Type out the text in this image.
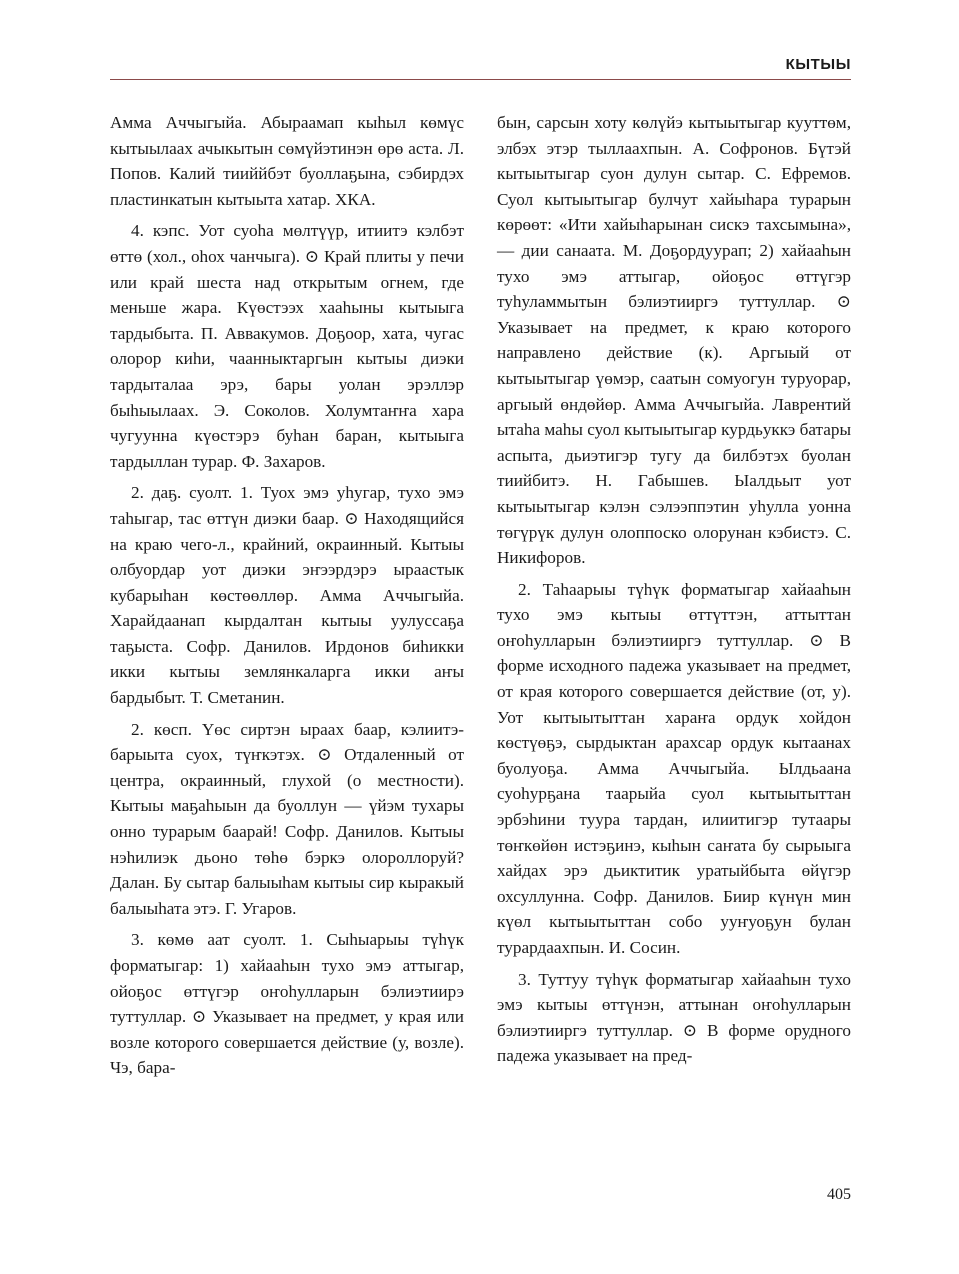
КЫТЫЫ

Амма Аччыгыйа. Абыраамап кыһыл көмүс кытыылаах ачыкытын сөмүйэтинэн өрө аста. Л. Попов. Калий тииййбэт буоллаҕына, сэбирдэх пластинкатын кытыыта хатар. ХКА.

4. кэпс. Уот суоһа мөлтүүр, итиитэ кэлбэт өттө (хол., оһох чанчыга). ⊙ Край плиты у печи или край шеста над открытым огнем, где меньше жара. Күөстээх хааһыны кытыыга тардыбыта. П. Аввакумов. Доҕоор, хата, чугас олорор киһи, чаанныктаргын кытыы диэки тардыталаа эрэ, бары уолан эрэллэр быһыылаах. Э. Соколов. Холумтаҥҥа хара чугуунна күөстэрэ буһан баран, кытыыга тардыллан турар. Ф. Захаров.

2. даҕ. суолт. 1. Туох эмэ уһугар, тухо эмэ таһыгар, тас өттүн диэки баар. ⊙ Находящийся на краю чего-л., крайний, окраинный. Кытыы олбуордар уот диэки эҥээрдэрэ ыраастык кубарыһан көстөөллөр. Амма Аччыгыйа. Харайдаанап кырдалтан кытыы уулуссаҕа таҕыста. Софр. Данилов. Ирдонов биһикки икки кытыы землянкаларга икки аҥы бардыбыт. Т. Сметанин.

2. көсп. Үөс сиртэн ыраах баар, кэлиитэ-барыыта суох, түҥкэтэх. ⊙ Отдаленный от центра, окраинный, глухой (о местности). Кытыы маҕаһыын да буоллун — үйэм тухары онно турарым баарай! Софр. Данилов. Кытыы нэһилиэк дьоно төһө бэркэ олороллоруй? Далан. Бу сытар балыыһам кытыы сир кыракый балыыһата этэ. Г. Угаров.

3. көмө аат суолт. 1. Сыһыарыы түһүк форматыгар: 1) хайааһын тухо эмэ аттыгар, ойоҕос өттүгэр оҥоһулларын бэлиэтиирэ туттуллар. ⊙ Указывает на предмет, у края или возле которого совершается действие (у, возле). Чэ, бара-

бын, сарсын хоту көлүйэ кытыытыгар кууттөм, элбэх этэр тыллаахпын. А. Софронов. Бүтэй кытыытыгар суон дулун сытар. С. Ефремов. Суол кытыытыгар булчут хайыһара турарын көрөөт: «Ити хайыһарынан сискэ тахсымына», — дии санаата. М. Доҕордуурап; 2) хайааһын тухо эмэ аттыгар, ойоҕос өттүгэр туһуламмытын бэлиэтииргэ туттуллар. ⊙ Указывает на предмет, к краю которого направлено действие (к). Аргыый от кытыытыгар үөмэр, саатын сомуогун туруорар, аргыый өндөйөр. Амма Аччыгыйа. Лаврентий ытаһа маһы суол кытыытыгар курдьуккэ батары аспыта, дьиэтигэр тугу да билбэтэх буолан тиийбитэ. Н. Габышев. Ыалдьыт уот кытыытыгар кэлэн сэлээппэтин уһулла уонна төгүрүк дулун олоппоско олорунан кэбистэ. С. Никифоров.

2. Таһаарыы түһүк форматыгар хайааһын тухо эмэ кытыы өттүттэн, аттыттан оҥоһулларын бэлиэтииргэ туттуллар. ⊙ В форме исходного падежа указывает на предмет, от края которого совершается действие (от, у). Уот кытыытыттан хараҥа ордук хойдон көстүөҕэ, сырдыктан арахсар ордук кытаанах буолуоҕа. Амма Аччыгыйа. Ылдьаана суоһурҕана таарыйа суол кытыытыттан эрбэһини туура тардан, илиитигэр тутаары төҥкөйөн истэҕинэ, кыһын саҥата бу сырыыга хайдах эрэ дьиктитик уратыйбыта өйүгэр охсуллунна. Софр. Данилов. Биир күнүн мин күөл кытыытыттан собо ууҥуоҕун булан турардаахпын. И. Сосин.

3. Туттуу түһүк форматыгар хайааһын тухо эмэ кытыы өттүнэн, аттынан оҥоһулларын бэлиэтииргэ туттуллар. ⊙ В форме орудного падежа указывает на пред-

405
